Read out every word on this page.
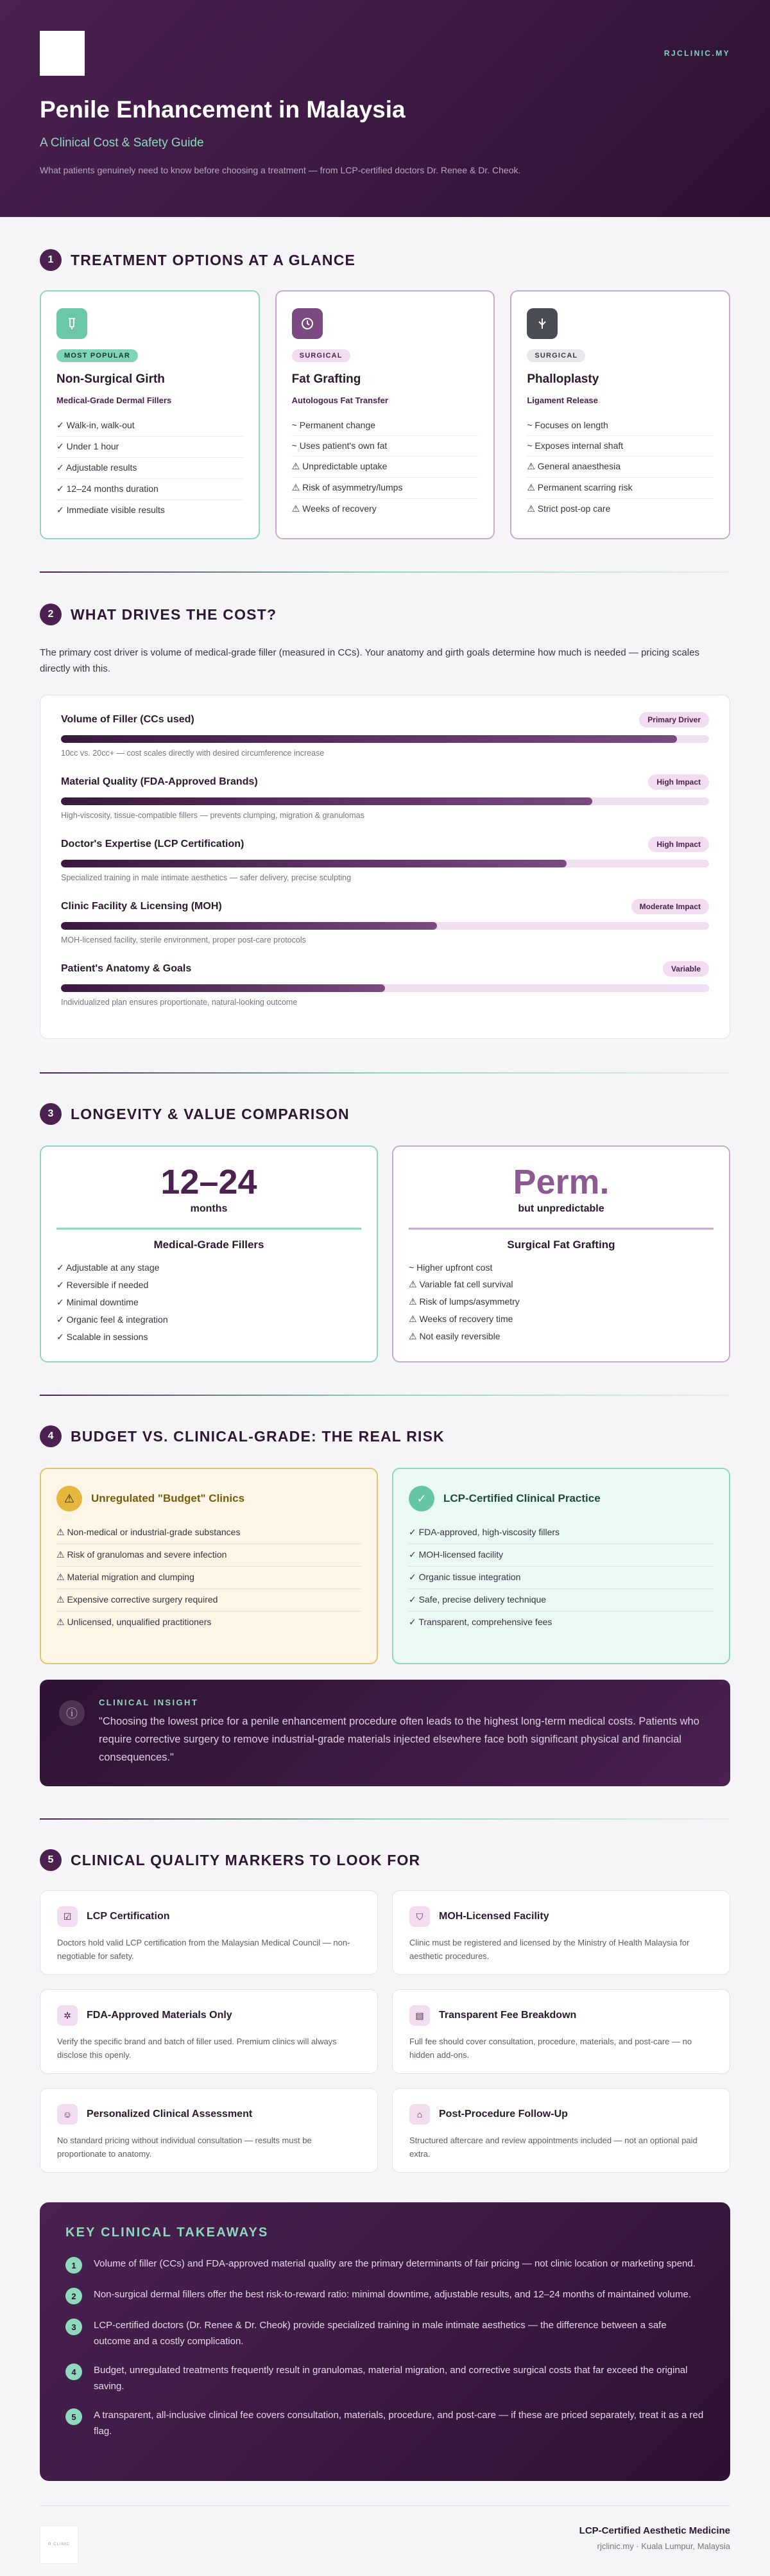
RJCLINIC.MY
Penile Enhancement in Malaysia
A Clinical Cost & Safety Guide

What patients genuinely need to know before choosing a treatment — from LCP-certified doctors Dr. Renee & Dr. Cheok.

1	TREATMENT OPTIONS AT A GLANCE
MOST POPULAR
Non-Surgical Girth
Medical-Grade Dermal Fillers
✓ Walk-in, walk-out
✓ Under 1 hour
✓ Adjustable results
✓ 12–24 months duration
✓ Immediate visible results
SURGICAL
Fat Grafting
Autologous Fat Transfer
~ Permanent change
~ Uses patient's own fat
⚠ Unpredictable uptake
⚠ Risk of asymmetry/lumps
⚠ Weeks of recovery
SURGICAL
Phalloplasty
Ligament Release
~ Focuses on length
~ Exposes internal shaft
⚠ General anaesthesia
⚠ Permanent scarring risk
⚠ Strict post-op care
2	WHAT DRIVES THE COST?

The primary cost driver is volume of medical-grade filler (measured in CCs). Your anatomy and girth goals determine how much is needed — pricing scales directly with this.

Volume of Filler (CCs used)	Primary Driver
10cc vs. 20cc+ — cost scales directly with desired circumference increase
Material Quality (FDA-Approved Brands)	High Impact
High-viscosity, tissue-compatible fillers — prevents clumping, migration & granulomas
Doctor's Expertise (LCP Certification)	High Impact
Specialized training in male intimate aesthetics — safer delivery, precise sculpting
Clinic Facility & Licensing (MOH)	Moderate Impact
MOH-licensed facility, sterile environment, proper post-care protocols
Patient's Anatomy & Goals	Variable
Individualized plan ensures proportionate, natural-looking outcome
3	LONGEVITY & VALUE COMPARISON
12–24
months
Medical-Grade Fillers
✓ Adjustable at any stage
✓ Reversible if needed
✓ Minimal downtime
✓ Organic feel & integration
✓ Scalable in sessions
Perm.
but unpredictable
Surgical Fat Grafting
~ Higher upfront cost
⚠ Variable fat cell survival
⚠ Risk of lumps/asymmetry
⚠ Weeks of recovery time
⚠ Not easily reversible
4	BUDGET VS. CLINICAL-GRADE: THE REAL RISK
⚠	Unregulated "Budget" Clinics
⚠ Non-medical or industrial-grade substances
⚠ Risk of granulomas and severe infection
⚠ Material migration and clumping
⚠ Expensive corrective surgery required
⚠ Unlicensed, unqualified practitioners
✓	LCP-Certified Clinical Practice
✓ FDA-approved, high-viscosity fillers
✓ MOH-licensed facility
✓ Organic tissue integration
✓ Safe, precise delivery technique
✓ Transparent, comprehensive fees
ⓘ
CLINICAL INSIGHT
"Choosing the lowest price for a penile enhancement procedure often leads to the highest long-term medical costs. Patients who require corrective surgery to remove industrial-grade materials injected elsewhere face both significant physical and financial consequences."
5	CLINICAL QUALITY MARKERS TO LOOK FOR
☑	LCP Certification
Doctors hold valid LCP certification from the Malaysian Medical Council — non-negotiable for safety.
⛉	MOH-Licensed Facility
Clinic must be registered and licensed by the Ministry of Health Malaysia for aesthetic procedures.
✲	FDA-Approved Materials Only
Verify the specific brand and batch of filler used. Premium clinics will always disclose this openly.
▤	Transparent Fee Breakdown
Full fee should cover consultation, procedure, materials, and post-care — no hidden add-ons.
☺	Personalized Clinical Assessment
No standard pricing without individual consultation — results must be proportionate to anatomy.
⌂	Post-Procedure Follow-Up
Structured aftercare and review appointments included — not an optional paid extra.
KEY CLINICAL TAKEAWAYS
1	Volume of filler (CCs) and FDA-approved material quality are the primary determinants of fair pricing — not clinic location or marketing spend.
2	Non-surgical dermal fillers offer the best risk-to-reward ratio: minimal downtime, adjustable results, and 12–24 months of maintained volume.
3	LCP-certified doctors (Dr. Renee & Dr. Cheok) provide specialized training in male intimate aesthetics — the difference between a safe outcome and a costly complication.
4	Budget, unregulated treatments frequently result in granulomas, material migration, and corrective surgical costs that far exceed the original saving.
5	A transparent, all-inclusive clinical fee covers consultation, materials, procedure, and post-care — if these are priced separately, treat it as a red flag.
R CLINIC
LCP-Certified Aesthetic Medicine
rjclinic.my · Kuala Lumpur, Malaysia
